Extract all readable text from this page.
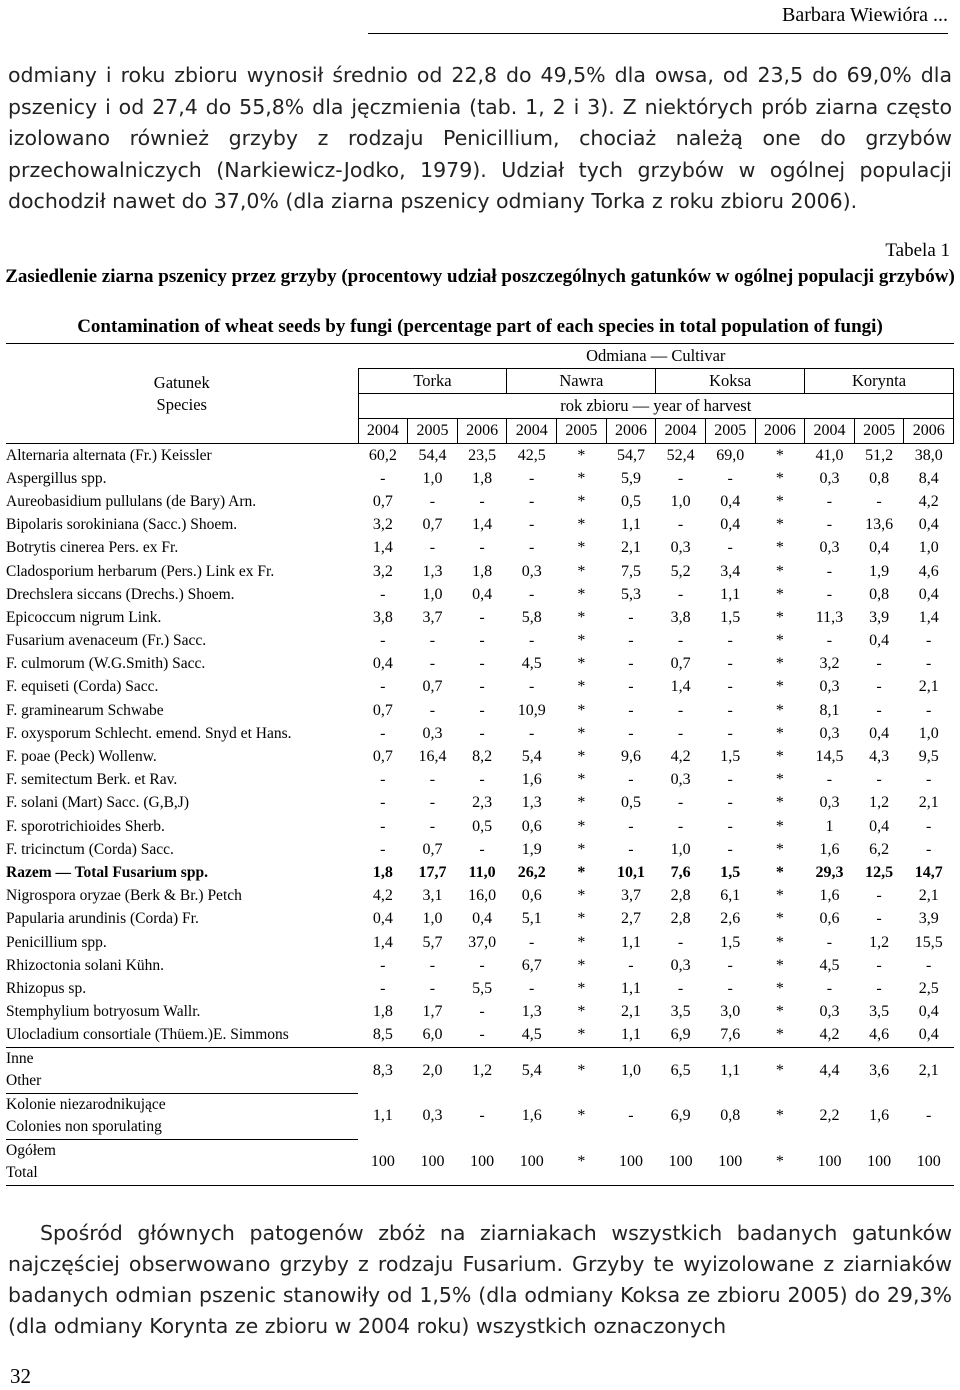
Barbara Wiewióra ...

odmiany i roku zbioru wynosił średnio od 22,8 do 49,5% dla owsa, od 23,5 do 69,0% dla pszenicy i od 27,4 do 55,8% dla jęczmienia (tab. 1, 2 i 3). Z niektórych prób ziarna często izolowano również grzyby z rodzaju Penicillium, chociaż należą one do grzybów przechowalniczych (Narkiewicz-Jodko, 1979). Udział tych grzybów w ogólnej populacji dochodził nawet do 37,0% (dla ziarna pszenicy odmiany Torka z roku zbioru 2006).

Tabela 1
Zasiedlenie ziarna pszenicy przez grzyby (procentowy udział poszczególnych gatunków w ogólnej populacji grzybów)
Contamination of wheat seeds by fungi (percentage part of each species in total population of fungi)
Gatunek
Species	Odmiana — Cultivar											
	Torka			Nawra			Koksa			Korynta		
	rok zbioru — year of harvest											
	2004	2005	2006	2004	2005	2006	2004	2005	2006	2004	2005	2006
Alternaria alternata (Fr.) Keissler	60,2	54,4	23,5	42,5	*	54,7	52,4	69,0	*	41,0	51,2	38,0
Aspergillus spp.	-	1,0	1,8	-	*	5,9	-	-	*	0,3	0,8	8,4
Aureobasidium pullulans (de Bary) Arn.	0,7	-	-	-	*	0,5	1,0	0,4	*	-	-	4,2
Bipolaris sorokiniana (Sacc.) Shoem.	3,2	0,7	1,4	-	*	1,1	-	0,4	*	-	13,6	0,4
Botrytis cinerea Pers. ex Fr.	1,4	-	-	-	*	2,1	0,3	-	*	0,3	0,4	1,0
Cladosporium herbarum (Pers.) Link ex Fr.	3,2	1,3	1,8	0,3	*	7,5	5,2	3,4	*	-	1,9	4,6
Drechslera siccans (Drechs.) Shoem.	-	1,0	0,4	-	*	5,3	-	1,1	*	-	0,8	0,4
Epicoccum nigrum Link.	3,8	3,7	-	5,8	*	-	3,8	1,5	*	11,3	3,9	1,4
Fusarium avenaceum (Fr.) Sacc.	-	-	-	-	*	-	-	-	*	-	0,4	-
F. culmorum (W.G.Smith) Sacc.	0,4	-	-	4,5	*	-	0,7	-	*	3,2	-	-
F. equiseti (Corda) Sacc.	-	0,7	-	-	*	-	1,4	-	*	0,3	-	2,1
F. graminearum Schwabe	0,7	-	-	10,9	*	-	-	-	*	8,1	-	-
F. oxysporum Schlecht. emend. Snyd et Hans.	-	0,3	-	-	*	-	-	-	*	0,3	0,4	1,0
F. poae (Peck) Wollenw.	0,7	16,4	8,2	5,4	*	9,6	4,2	1,5	*	14,5	4,3	9,5
F. semitectum Berk. et Rav.	-	-	-	1,6	*	-	0,3	-	*	-	-	-
F. solani (Mart) Sacc. (G,B,J)	-	-	2,3	1,3	*	0,5	-	-	*	0,3	1,2	2,1
F. sporotrichioides Sherb.	-	-	0,5	0,6	*	-	-	-	*	1	0,4	-
F. tricinctum (Corda) Sacc.	-	0,7	-	1,9	*	-	1,0	-	*	1,6	6,2	-
Razem — Total Fusarium spp.	1,8	17,7	11,0	26,2	*	10,1	7,6	1,5	*	29,3	12,5	14,7
Nigrospora oryzae (Berk & Br.) Petch	4,2	3,1	16,0	0,6	*	3,7	2,8	6,1	*	1,6	-	2,1
Papularia arundinis (Corda) Fr.	0,4	1,0	0,4	5,1	*	2,7	2,8	2,6	*	0,6	-	3,9
Penicillium spp.	1,4	5,7	37,0	-	*	1,1	-	1,5	*	-	1,2	15,5
Rhizoctonia solani Kühn.	-	-	-	6,7	*	-	0,3	-	*	4,5	-	-
Rhizopus sp.	-	-	5,5	-	*	1,1	-	-	*	-	-	2,5
Stemphylium botryosum Wallr.	1,8	1,7	-	1,3	*	2,1	3,5	3,0	*	0,3	3,5	0,4
Ulocladium consortiale (Thüem.)E. Simmons	8,5	6,0	-	4,5	*	1,1	6,9	7,6	*	4,2	4,6	0,4
Inne
Other	8,3	2,0	1,2	5,4	*	1,0	6,5	1,1	*	4,4	3,6	2,1
Kolonie niezarodnikujące
Colonies non sporulating	1,1	0,3	-	1,6	*	-	6,9	0,8	*	2,2	1,6	-
Ogółem
Total	100	100	100	100	*	100	100	100	*	100	100	100

Spośród głównych patogenów zbóż na ziarniakach wszystkich badanych gatunków najczęściej obserwowano grzyby z rodzaju Fusarium. Grzyby te wyizolowane z ziarniaków badanych odmian pszenic stanowiły od 1,5% (dla odmiany Koksa ze zbioru 2005) do 29,3% (dla odmiany Korynta ze zbioru w 2004 roku) wszystkich oznaczonych

32
